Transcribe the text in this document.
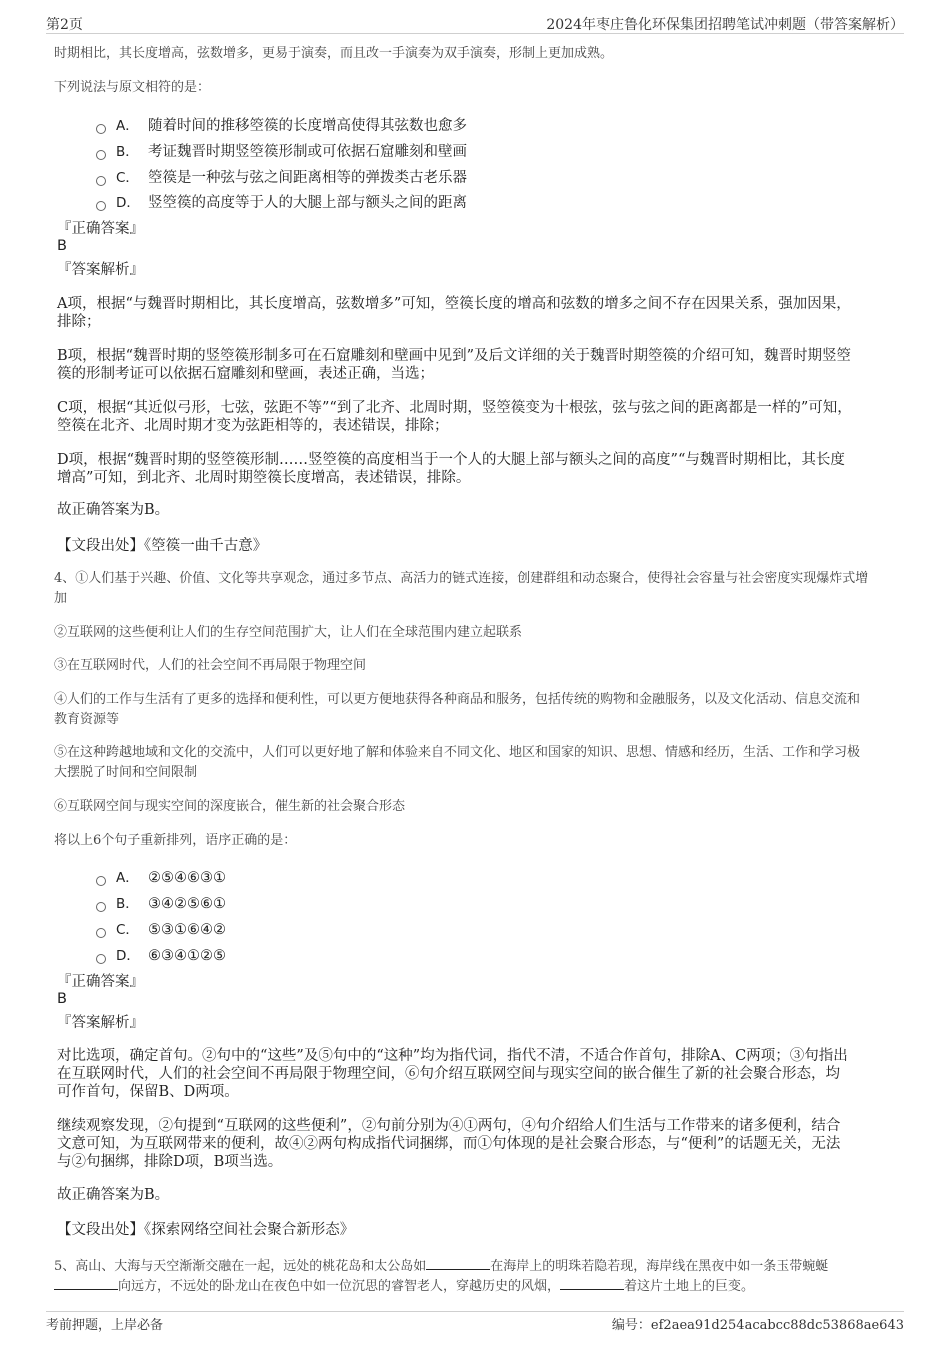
第2页	2024年枣庄鲁化环保集团招聘笔试冲刺题（带答案解析）
时期相比，其长度增高，弦数增多，更易于演奏，而且改一手演奏为双手演奏，形制上更加成熟。
下列说法与原文相符的是：
A． 随着时间的推移箜篌的长度增高使得其弦数也愈多
B． 考证魏晋时期竖箜篌形制或可依据石窟雕刻和壁画
C． 箜篌是一种弦与弦之间距离相等的弹拨类古老乐器
D． 竖箜篌的高度等于人的大腿上部与额头之间的距离
『正确答案』
B
『答案解析』
A项，根据“与魏晋时期相比，其长度增高，弦数增多”可知，箜篌长度的增高和弦数的增多之间不存在因果关系，强加因果，
排除；
B项，根据“魏晋时期的竖箜篌形制多可在石窟雕刻和壁画中见到”及后文详细的关于魏晋时期箜篌的介绍可知，魏晋时期竖箜
篌的形制考证可以依据石窟雕刻和壁画，表述正确，当选；
C项，根据“其近似弓形，七弦，弦距不等”“到了北齐、北周时期，竖箜篌变为十根弦，弦与弦之间的距离都是一样的”可知，
箜篌在北齐、北周时期才变为弦距相等的，表述错误，排除；
D项，根据“魏晋时期的竖箜篌形制……竖箜篌的高度相当于一个人的大腿上部与额头之间的高度”“与魏晋时期相比，其长度
增高”可知，到北齐、北周时期箜篌长度增高，表述错误，排除。
故正确答案为B。
【文段出处】《箜篌一曲千古意》
4、①人们基于兴趣、价值、文化等共享观念，通过多节点、高活力的链式连接，创建群组和动态聚合，使得社会容量与社会密度实现爆炸式增
加
②互联网的这些便利让人们的生存空间范围扩大，让人们在全球范围内建立起联系
③在互联网时代，人们的社会空间不再局限于物理空间
④人们的工作与生活有了更多的选择和便利性，可以更方便地获得各种商品和服务，包括传统的购物和金融服务，以及文化活动、信息交流和
教育资源等
⑤在这种跨越地域和文化的交流中，人们可以更好地了解和体验来自不同文化、地区和国家的知识、思想、情感和经历，生活、工作和学习极
大摆脱了时间和空间限制
⑥互联网空间与现实空间的深度嵌合，催生新的社会聚合形态
将以上6个句子重新排列，语序正确的是：
A． ②⑤④⑥③①
B． ③④②⑤⑥①
C． ⑤③①⑥④②
D． ⑥③④①②⑤
『正确答案』
B
『答案解析』
对比选项，确定首句。②句中的“这些”及⑤句中的“这种”均为指代词，指代不清，不适合作首句，排除A、C两项；③句指出
在互联网时代，人们的社会空间不再局限于物理空间，⑥句介绍互联网空间与现实空间的嵌合催生了新的社会聚合形态，均
可作首句，保留B、D两项。
继续观察发现，②句提到“互联网的这些便利”，②句前分别为④①两句，④句介绍给人们生活与工作带来的诸多便利，结合
文意可知，为互联网带来的便利，故④②两句构成指代词捆绑，而①句体现的是社会聚合形态，与“便利”的话题无关，无法
与②句捆绑，排除D项，B项当选。
故正确答案为B。
【文段出处】《探索网络空间社会聚合新形态》
5、高山、大海与天空渐渐交融在一起，远处的桃花岛和太公岛如	在海岸上的明珠若隐若现，海岸线在黑夜中如一条玉带蜿蜒
向远方，不远处的卧龙山在夜色中如一位沉思的睿智老人，穿越历史的风烟，	着这片土地上的巨变。
考前押题，上岸必备	编号：ef2aea91d254acabcc88dc53868ae643
